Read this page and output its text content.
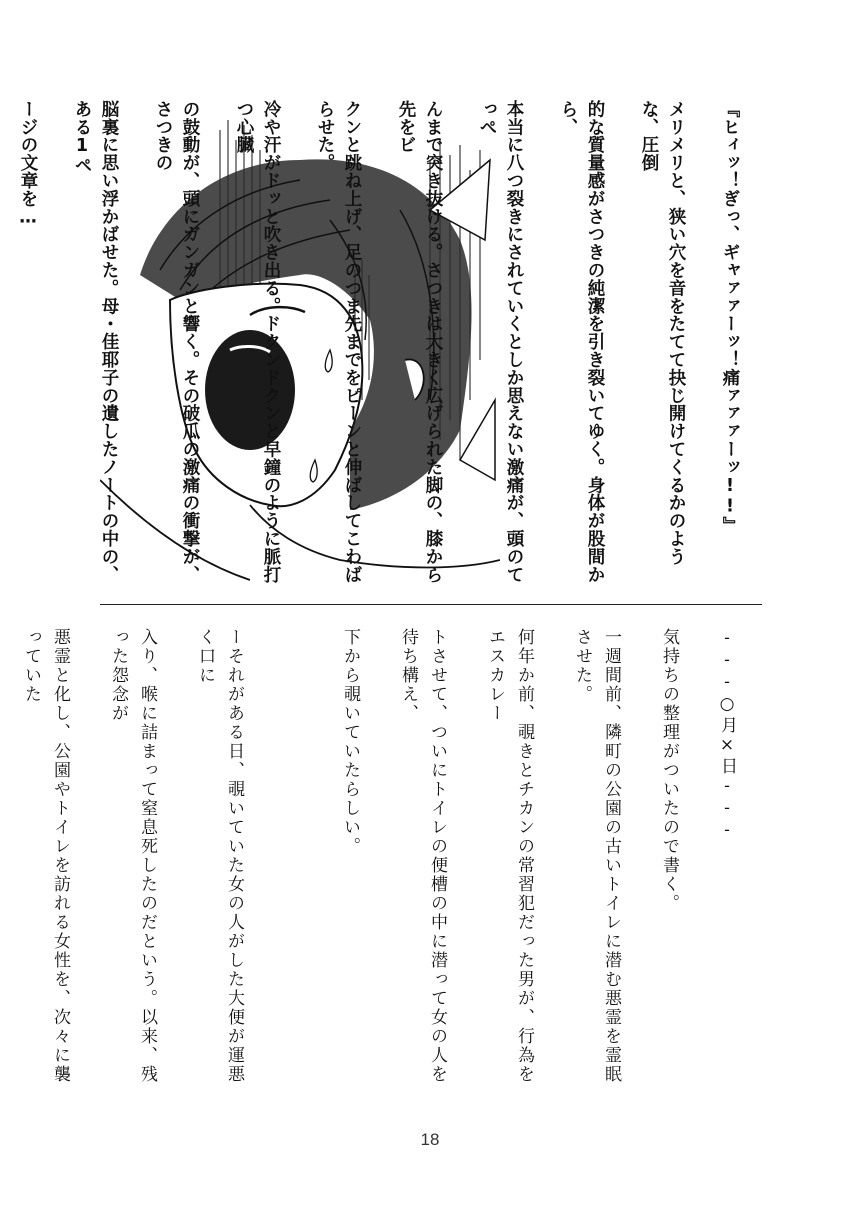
『ヒィッ！ぎっ、ギャァァーッ！痛ァァァーッ!!』

メリメリと、狭い穴を音をたてて抉じ開けてくるかのような、圧倒

的な質量感がさつきの純潔を引き裂いてゆく。身体が股間から、

本当に八つ裂きにされていくとしか思えない激痛が、頭のてっぺ

んまで突き抜ける。さつきは大きく広げられた脚の、膝から先をビ

クンと跳ね上げ、足のつま先までをピーンと伸ばしてこわばらせた。

冷や汗がドッと吹き出る。ドクンドクンと早鐘のように脈打つ心臓

の鼓動が、頭にガンガンと響く。その破瓜の激痛の衝撃が、さつきの

脳裏に思い浮かばせた。母・佳耶子の遺したノートの中の、ある1ペ

ージの文章を…

---○月×日---

気持ちの整理がついたので書く。

一週間前、隣町の公園の古いトイレに潜む悪霊を霊眠させた。

何年か前、覗きとチカンの常習犯だった男が、行為をエスカレー

トさせて、ついにトイレの便槽の中に潜って女の人を待ち構え、

下から覗いていたらしい。

ーそれがある日、覗いていた女の人がした大便が運悪く口に

入り、喉に詰まって窒息死したのだという。以来、残った怨念が

悪霊と化し、公園やトイレを訪れる女性を、次々に襲っていた

18
